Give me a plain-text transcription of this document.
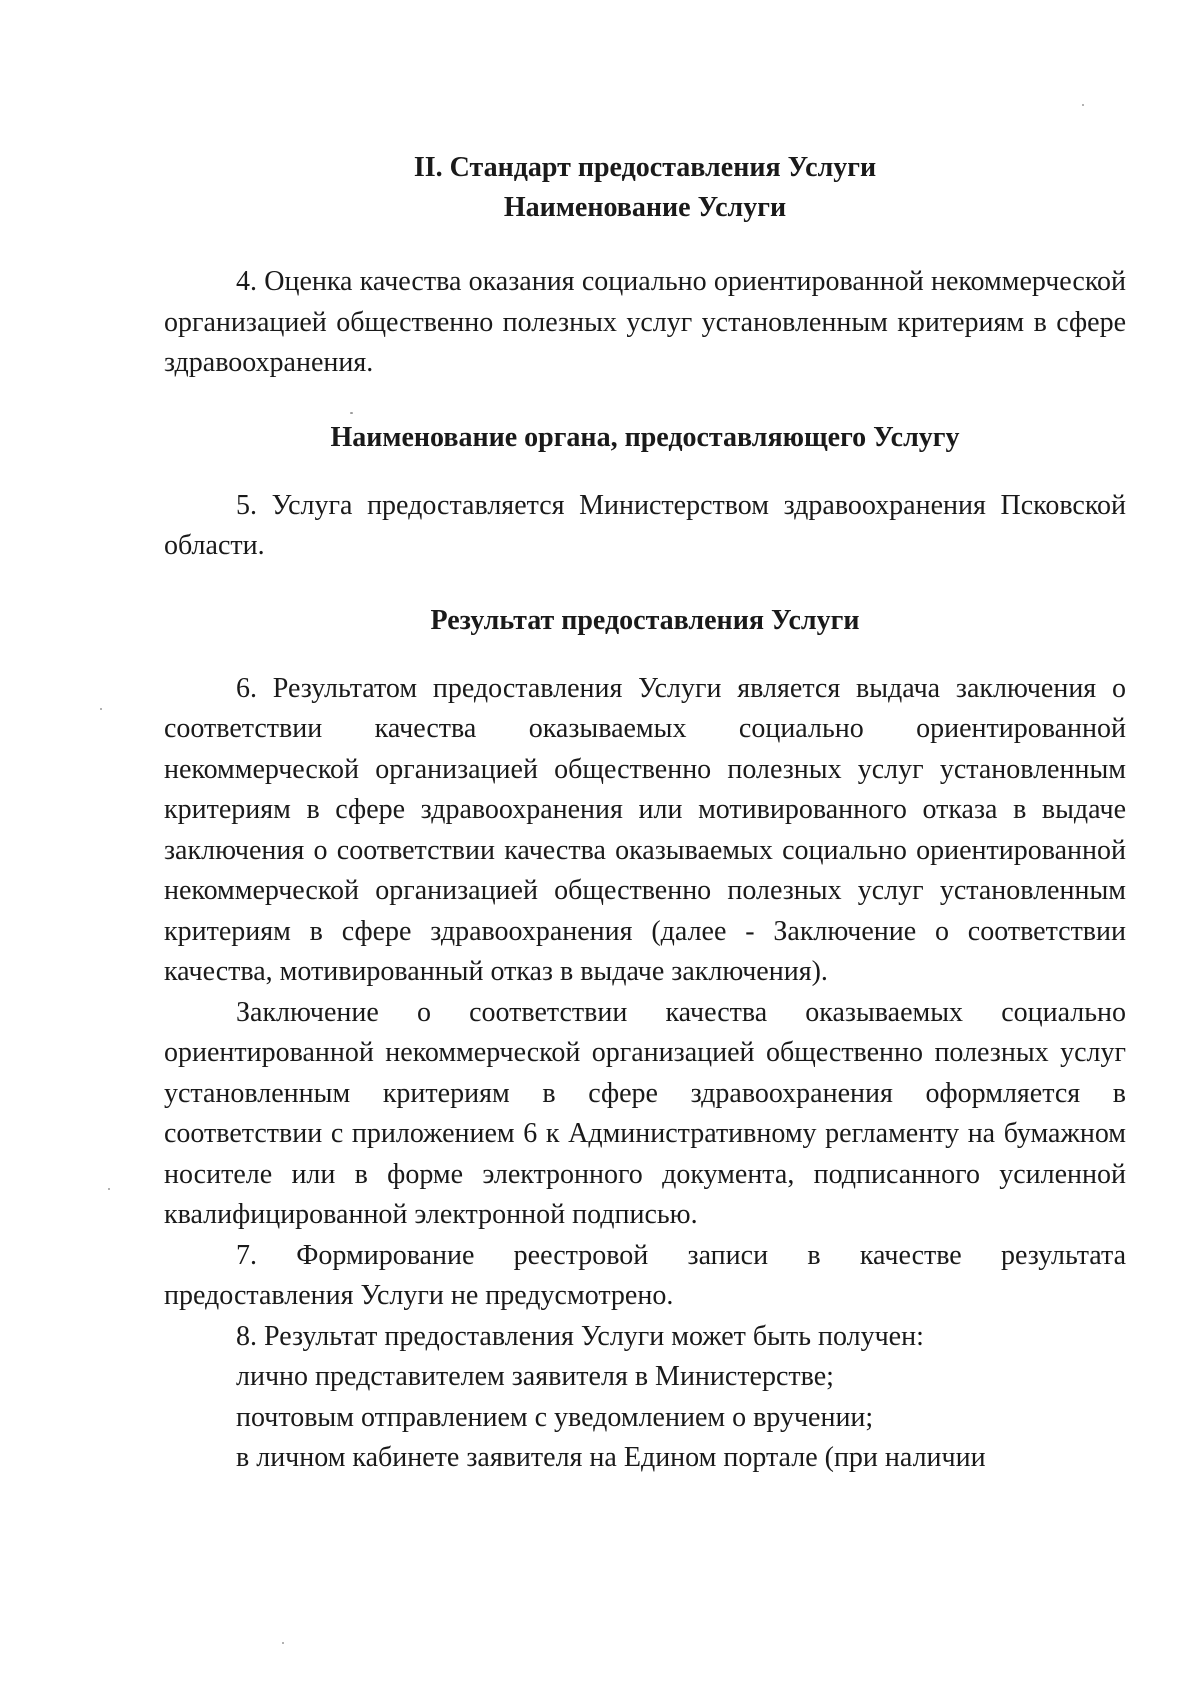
II. Стандарт предоставления Услуги

Наименование Услуги

4. Оценка качества оказания социально ориентированной некоммерческой организацией общественно полезных услуг установленным критериям в сфере здравоохранения.

Наименование органа, предоставляющего Услугу

5. Услуга предоставляется Министерством здравоохранения Псковской области.

Результат предоставления Услуги

6. Результатом предоставления Услуги является выдача заключения о соответствии качества оказываемых социально ориентированной некоммерческой организацией общественно полезных услуг установленным критериям в сфере здравоохранения или мотивированного отказа в выдаче заключения о соответствии качества оказываемых социально ориентированной некоммерческой организацией общественно полезных услуг установленным критериям в сфере здравоохранения (далее - Заключение о соответствии качества, мотивированный отказ в выдаче заключения).

Заключение о соответствии качества оказываемых социально ориентированной некоммерческой организацией общественно полезных услуг установленным критериям в сфере здравоохранения оформляется в соответствии с приложением 6 к Административному регламенту на бумажном носителе или в форме электронного документа, подписанного усиленной квалифицированной электронной подписью.

7. Формирование реестровой записи в качестве результата предоставления Услуги не предусмотрено.

8. Результат предоставления Услуги может быть получен:

лично представителем заявителя в Министерстве;

почтовым отправлением с уведомлением о вручении;

в личном кабинете заявителя на Едином портале (при наличии
